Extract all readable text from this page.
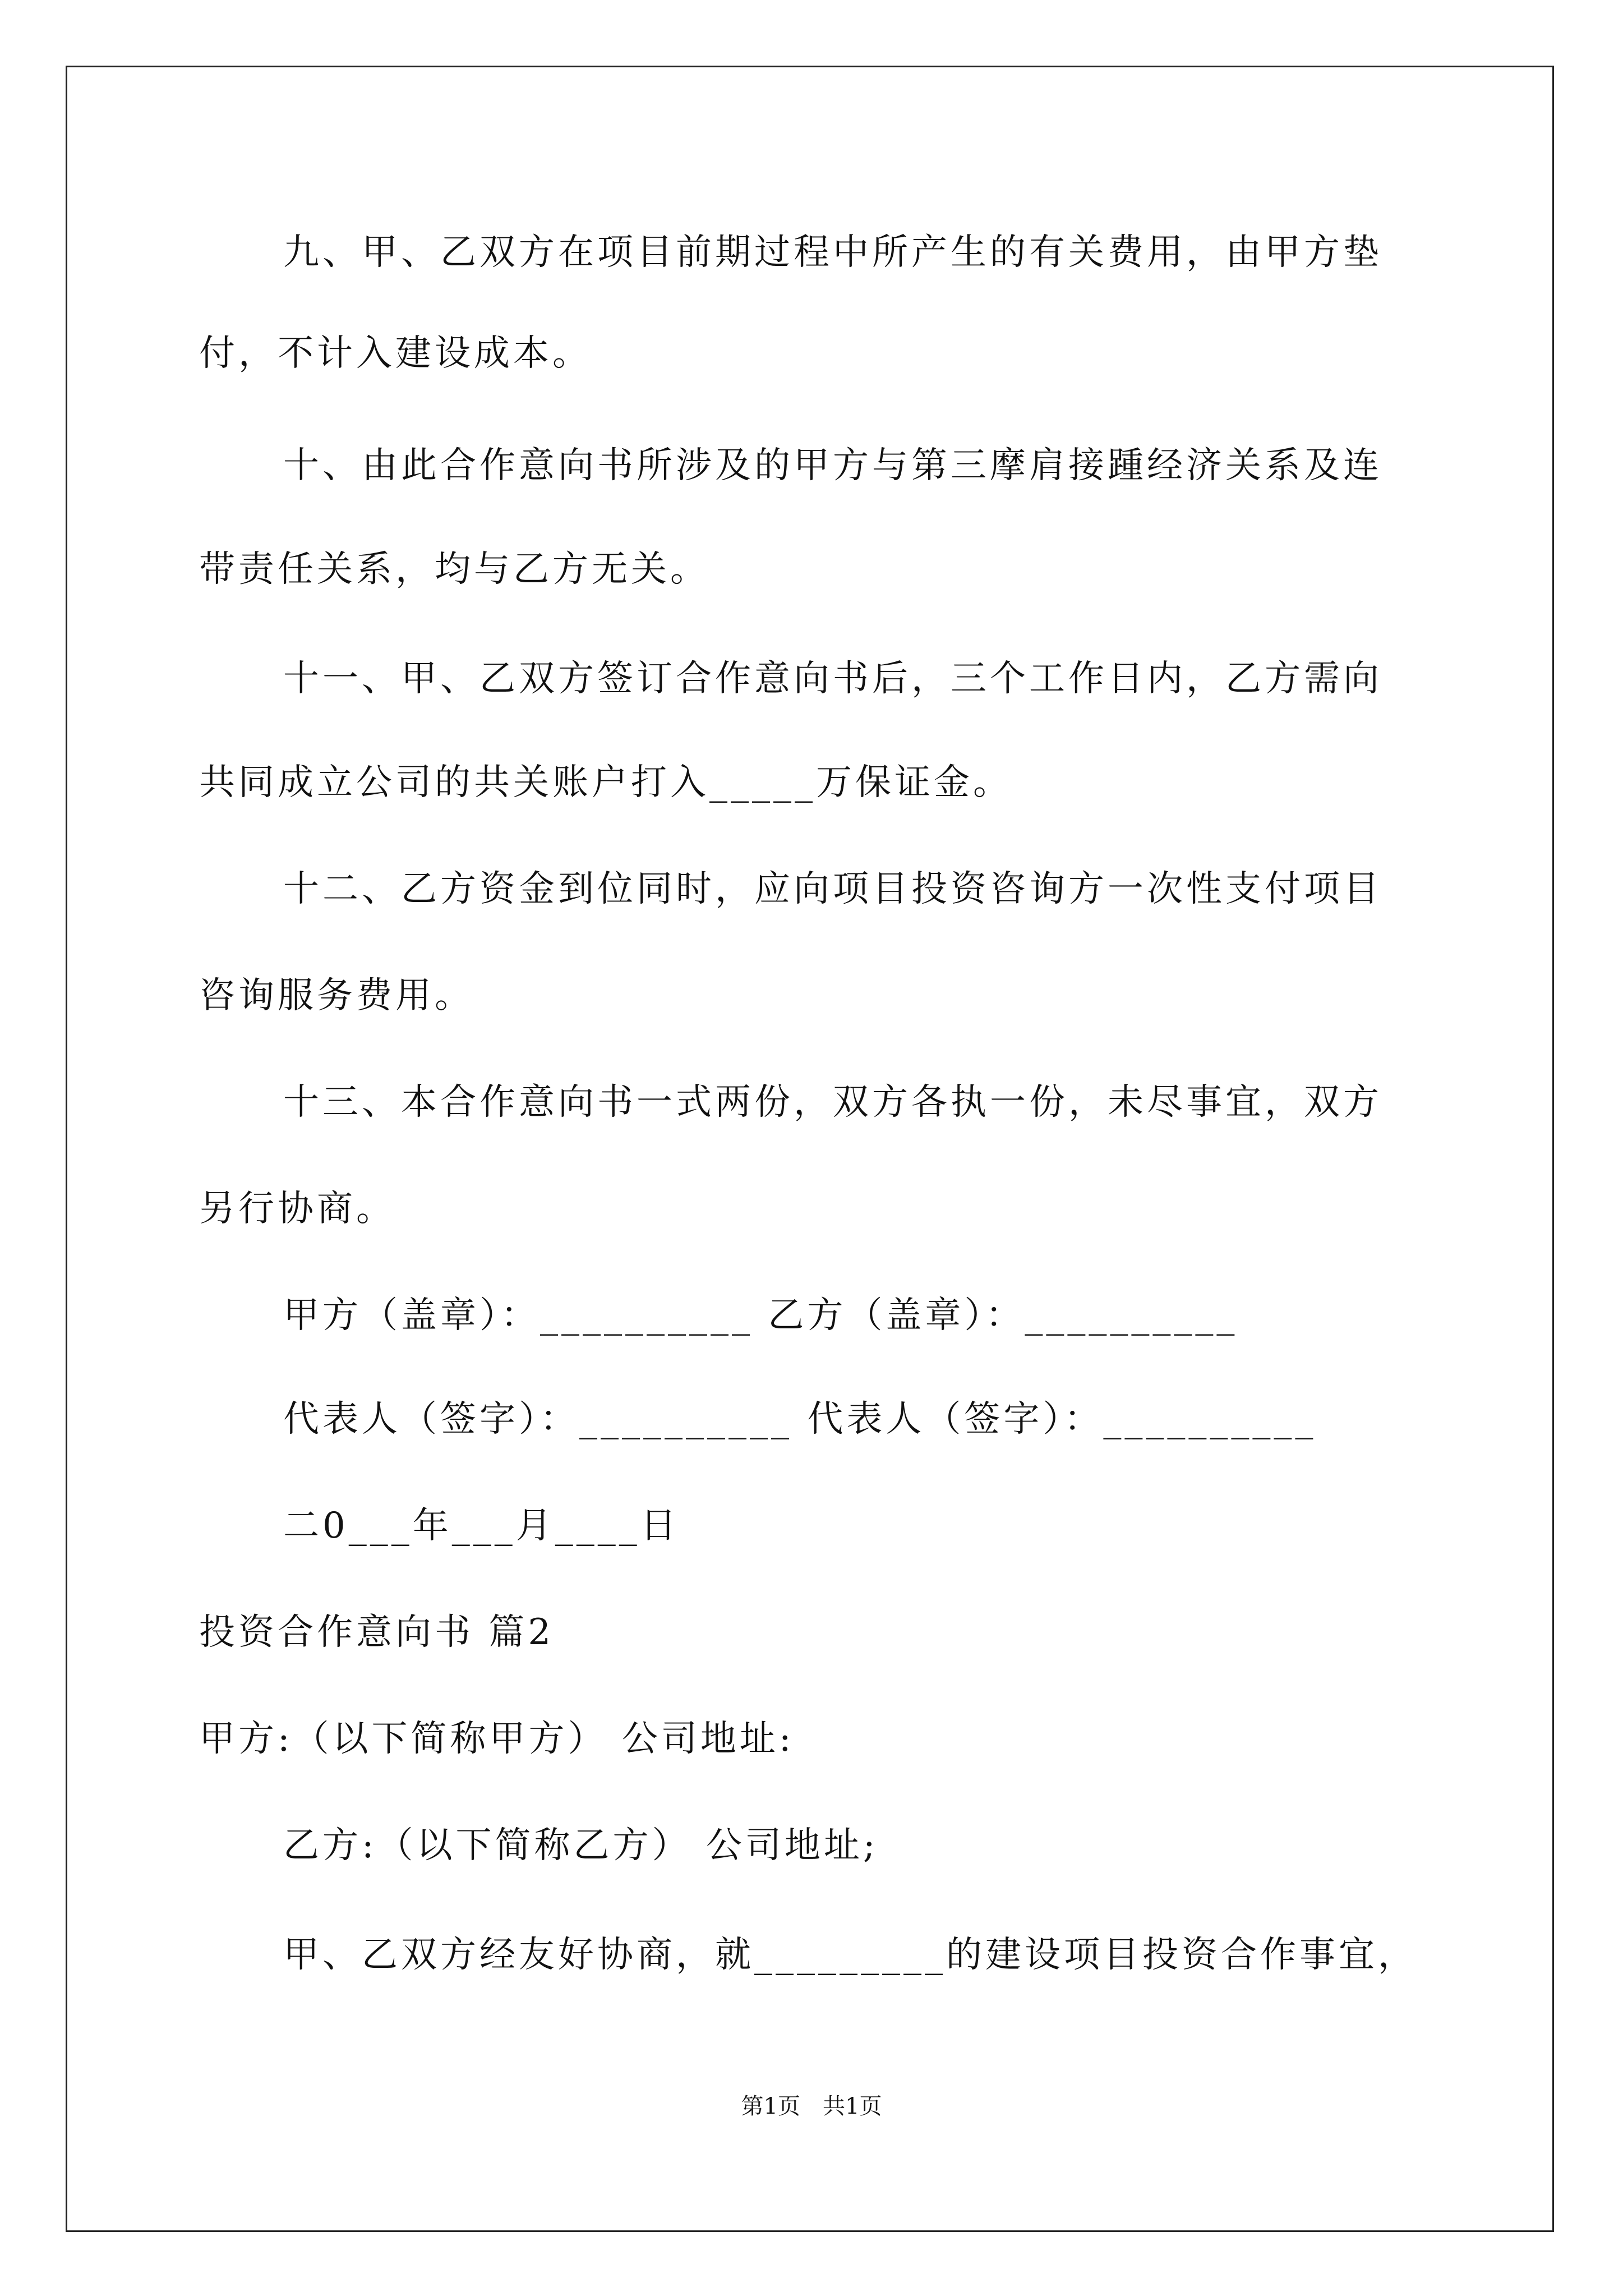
九、甲、乙双方在项目前期过程中所产生的有关费用，由甲方垫
付，不计入建设成本。
十、由此合作意向书所涉及的甲方与第三摩肩接踵经济关系及连
带责任关系，均与乙方无关。
十一、甲、乙双方签订合作意向书后，三个工作日内，乙方需向
共同成立公司的共关账户打入_____万保证金。
十二、乙方资金到位同时，应向项目投资咨询方一次性支付项目
咨询服务费用。
十三、本合作意向书一式两份，双方各执一份，未尽事宜，双方
另行协商。
甲方（盖章）：__________ 乙方（盖章）：__________
代表人（签字）：__________ 代表人（签字）：__________
二0___年___月____日
投资合作意向书 篇2
甲方:（以下简称甲方） 公司地址:
乙方:（以下简称乙方） 公司地址;
甲、乙双方经友好协商，就_________的建设项目投资合作事宜，
第1页 共1页
